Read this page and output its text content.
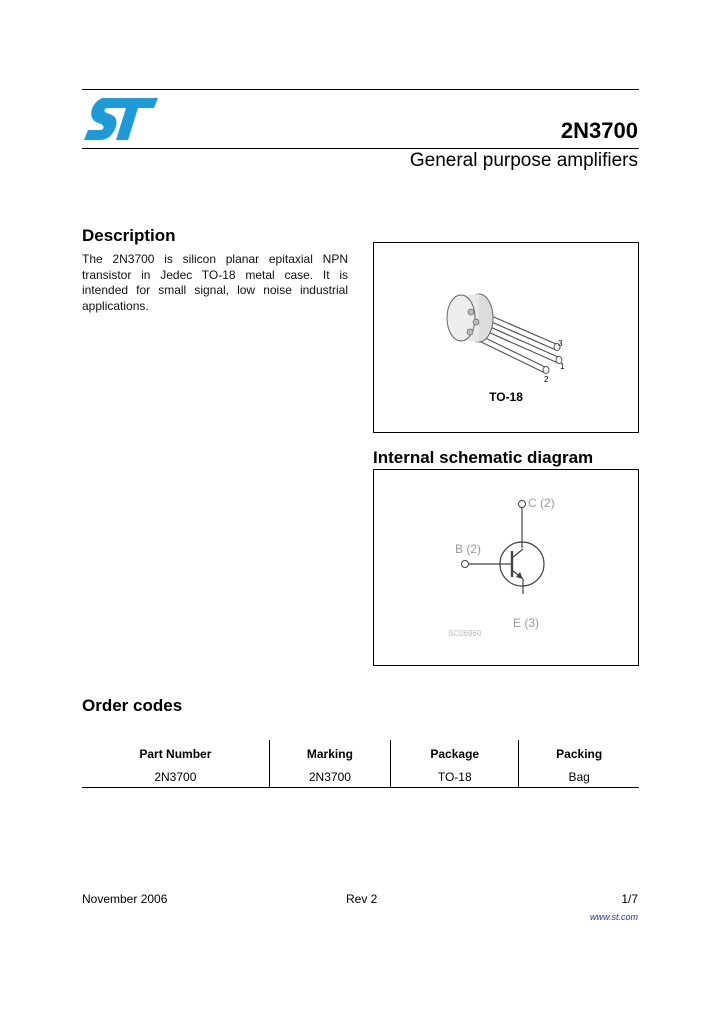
2N3700
General purpose amplifiers
Description
The 2N3700 is silicon planar epitaxial NPN transistor in Jedec TO-18 metal case. It is intended for small signal, low noise industrial applications.
3
1
2
TO-18
Internal schematic diagram
C (2)
B (2)
E (3)
SC06960
Order codes
Part Number	Marking	Package	Packing
2N3700	2N3700	TO-18	Bag
November 2006	Rev 2	1/7
www.st.com
